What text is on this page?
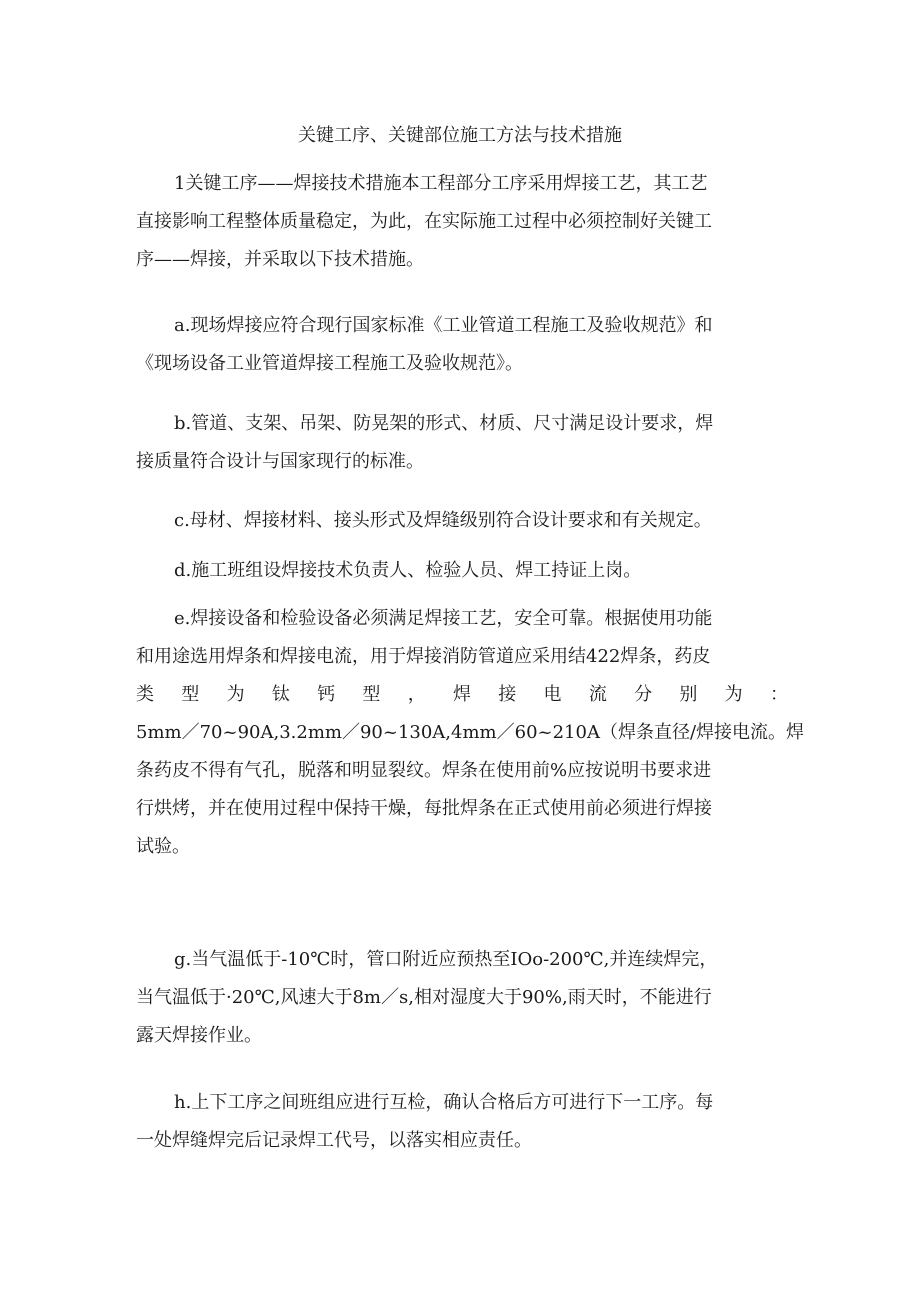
关键工序、关键部位施工方法与技术措施

1关键工序——焊接技术措施本工程部分工序采用焊接工艺，其工艺
直接影响工程整体质量稳定，为此，在实际施工过程中必须控制好关键工
序——焊接，并采取以下技术措施。

a.现场焊接应符合现行国家标准《工业管道工程施工及验收规范》和
《现场设备工业管道焊接工程施工及验收规范》。

b.管道、支架、吊架、防晃架的形式、材质、尺寸满足设计要求，焊
接质量符合设计与国家现行的标准。

c.母材、焊接材料、接头形式及焊缝级别符合设计要求和有关规定。

d.施工班组设焊接技术负责人、检验人员、焊工持证上岗。

e.焊接设备和检验设备必须满足焊接工艺，安全可靠。根据使用功能
和用途选用焊条和焊接电流，用于焊接消防管道应采用结422焊条，药皮
类 型 为 钛 钙 型 ， 焊 接 电 流 分 别 为 ：
5mm／70~90A,3.2mm／90~130A,4mm／60~210A（焊条直径/焊接电流。焊
条药皮不得有气孔，脱落和明显裂纹。焊条在使用前%应按说明书要求进
行烘烤，并在使用过程中保持干燥，每批焊条在正式使用前必须进行焊接
试验。

g.当气温低于-10℃时，管口附近应预热至IOo-200℃,并连续焊完，
当气温低于·20℃,风速大于8m／s,相对湿度大于90%,雨天时，不能进行
露天焊接作业。

h.上下工序之间班组应进行互检，确认合格后方可进行下一工序。每
一处焊缝焊完后记录焊工代号，以落实相应责任。
